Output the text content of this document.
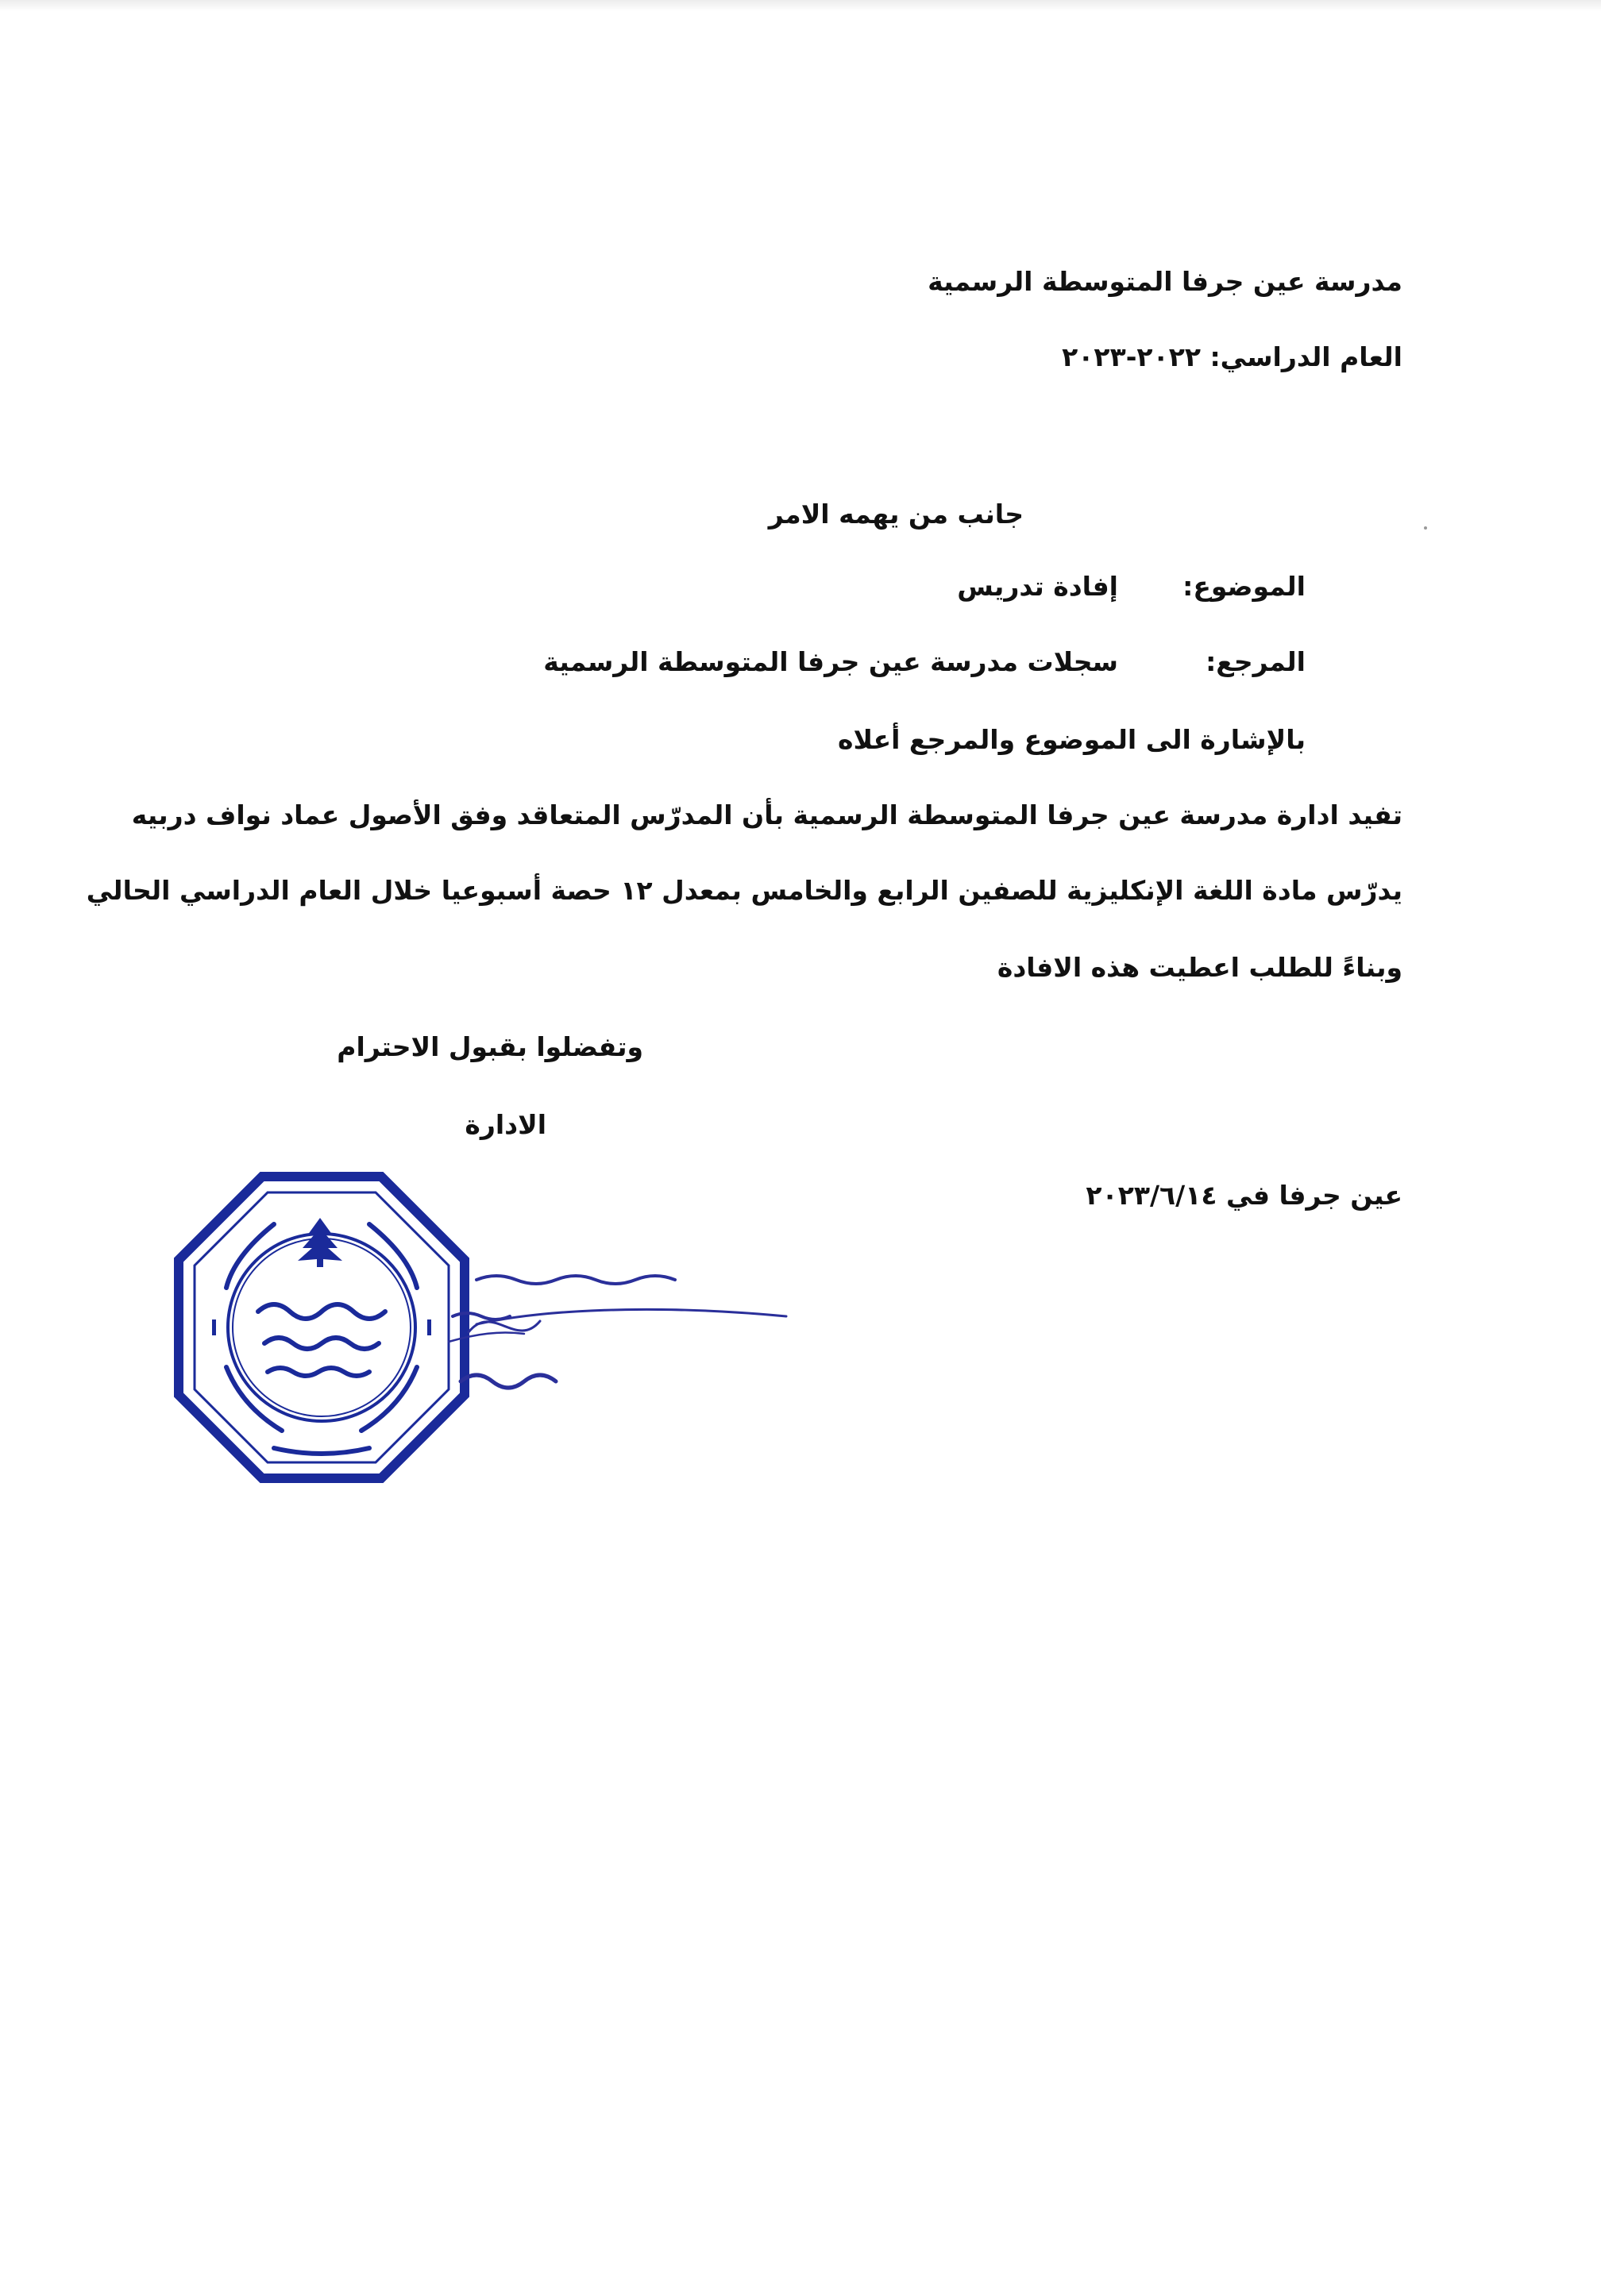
مدرسة عين جرفا المتوسطة الرسمية
العام الدراسي: ٢٠٢٢-٢٠٢٣
جانب من يهمه الامر
الموضوع:
إفادة تدريس
المرجع:
سجلات مدرسة عين جرفا المتوسطة الرسمية
بالإشارة الى الموضوع والمرجع أعلاه
تفيد ادارة مدرسة عين جرفا المتوسطة الرسمية بأن المدرّس المتعاقد وفق الأصول عماد نواف دربيه
يدرّس مادة اللغة الإنكليزية للصفين الرابع والخامس بمعدل ١٢ حصة أسبوعيا خلال العام الدراسي الحالي
وبناءً للطلب اعطيت هذه الافادة
وتفضلوا بقبول الاحترام
الادارة
عين جرفا في ٢٠٢٣/٦/١٤
